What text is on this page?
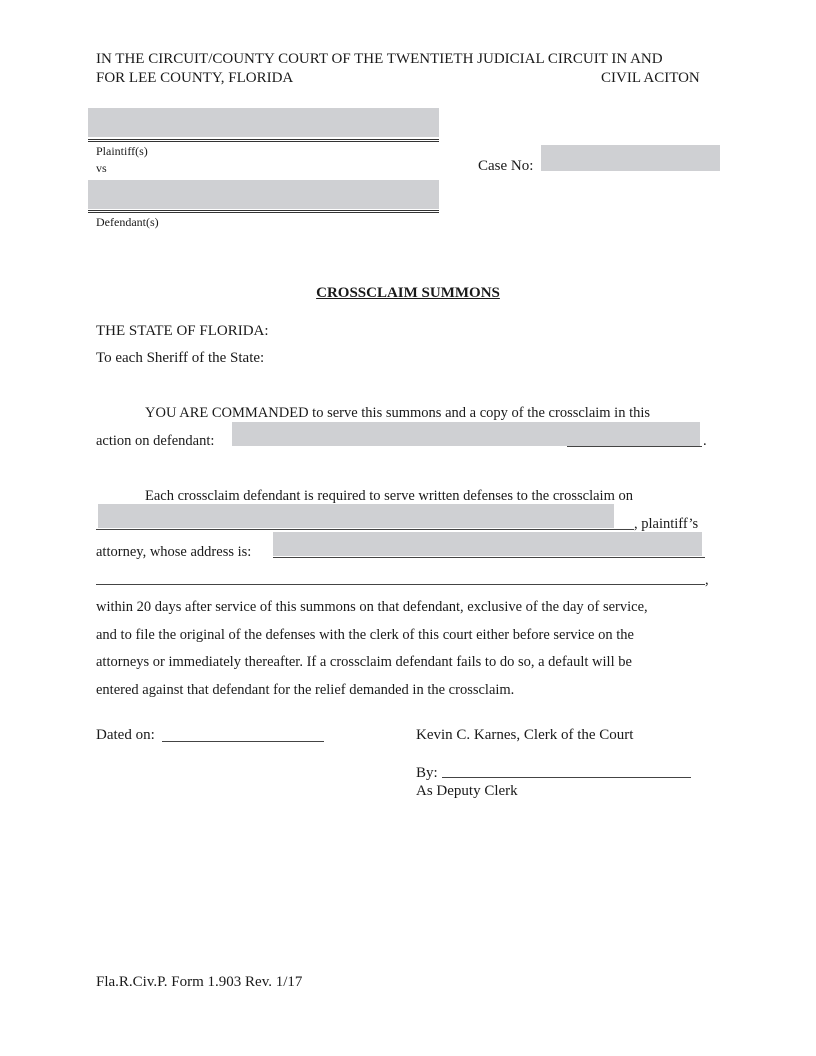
IN THE CIRCUIT/COUNTY COURT OF THE TWENTIETH JUDICIAL CIRCUIT IN AND
FOR LEE COUNTY, FLORIDA	CIVIL ACITON
Plaintiff(s)
vs	Case No:
Defendant(s)
CROSSCLAIM SUMMONS
THE STATE OF FLORIDA:
To each Sheriff of the State:
YOU ARE COMMANDED to serve this summons and a copy of the crossclaim in this
action on defendant:	.
Each crossclaim defendant is required to serve written defenses to the crossclaim on
, plaintiff’s
attorney, whose address is:
,
within 20 days after service of this summons on that defendant, exclusive of the day of service,
and to file the original of the defenses with the clerk of this court either before service on the
attorneys or immediately thereafter. If a crossclaim defendant fails to do so, a default will be
entered against that defendant for the relief demanded in the crossclaim.
Dated on:	Kevin C. Karnes, Clerk of the Court
By:
As Deputy Clerk
Fla.R.Civ.P. Form 1.903 Rev. 1/17
